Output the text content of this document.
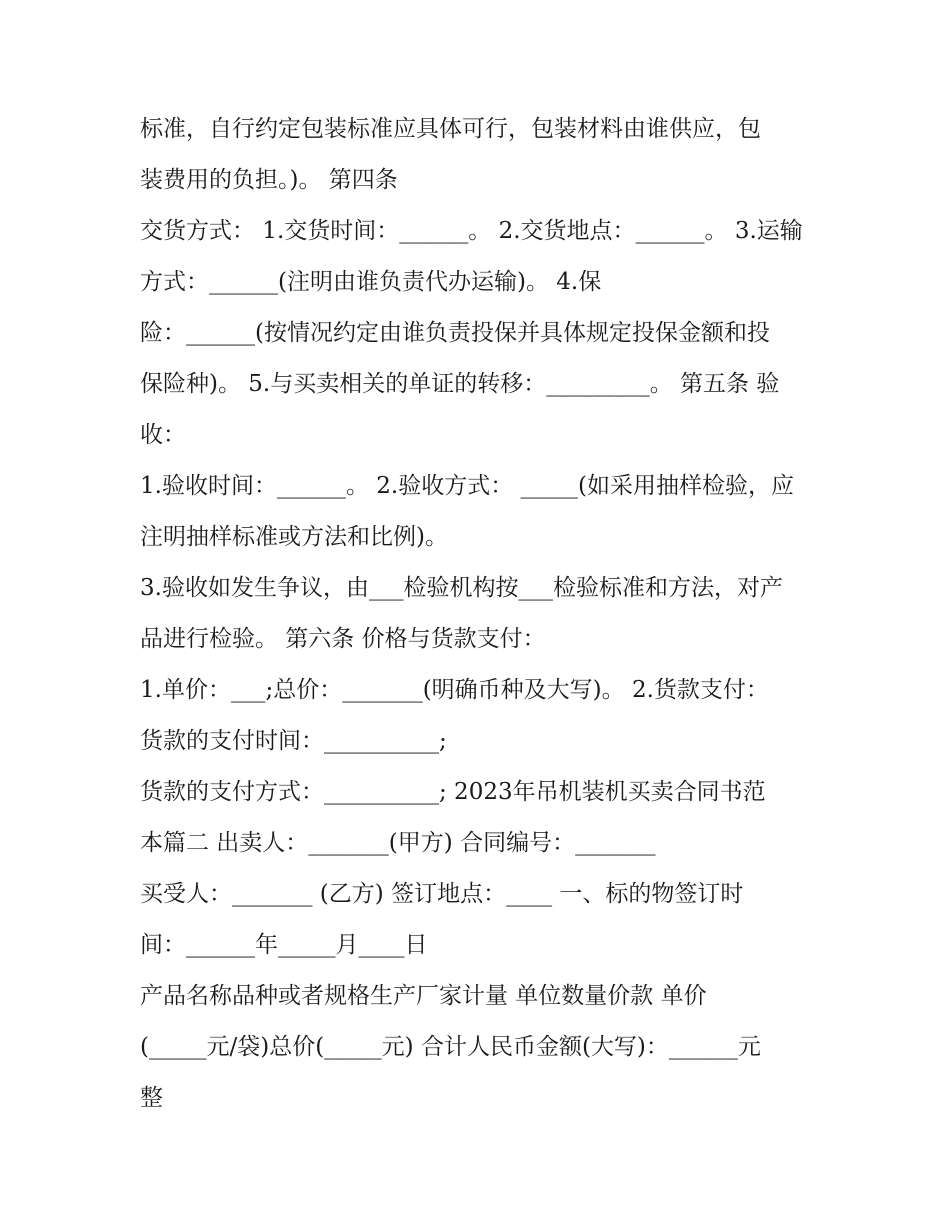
标准，自行约定包装标准应具体可行，包装材料由谁供应，包
装费用的负担。)。 第四条
交货方式： 1.交货时间：______。 2.交货地点：______。 3.运输
方式：______(注明由谁负责代办运输)。 4.保
险：______(按情况约定由谁负责投保并具体规定投保金额和投
保险种)。 5.与买卖相关的单证的转移：_________。 第五条 验
收：
1.验收时间：______。 2.验收方式： _____(如采用抽样检验，应
注明抽样标准或方法和比例)。
3.验收如发生争议，由___检验机构按___检验标准和方法，对产
品进行检验。 第六条 价格与货款支付：
1.单价：___;总价：_______(明确币种及大写)。 2.货款支付：
货款的支付时间：__________;
货款的支付方式：__________; 2023年吊机装机买卖合同书范
本篇二 出卖人：_______(甲方) 合同编号：_______
买受人：_______ (乙方) 签订地点：____ 一、标的物签订时
间：______年_____月____日
产品名称品种或者规格生产厂家计量 单位数量价款 单价
(_____元/袋)总价(_____元) 合计人民币金额(大写)：______元
整
